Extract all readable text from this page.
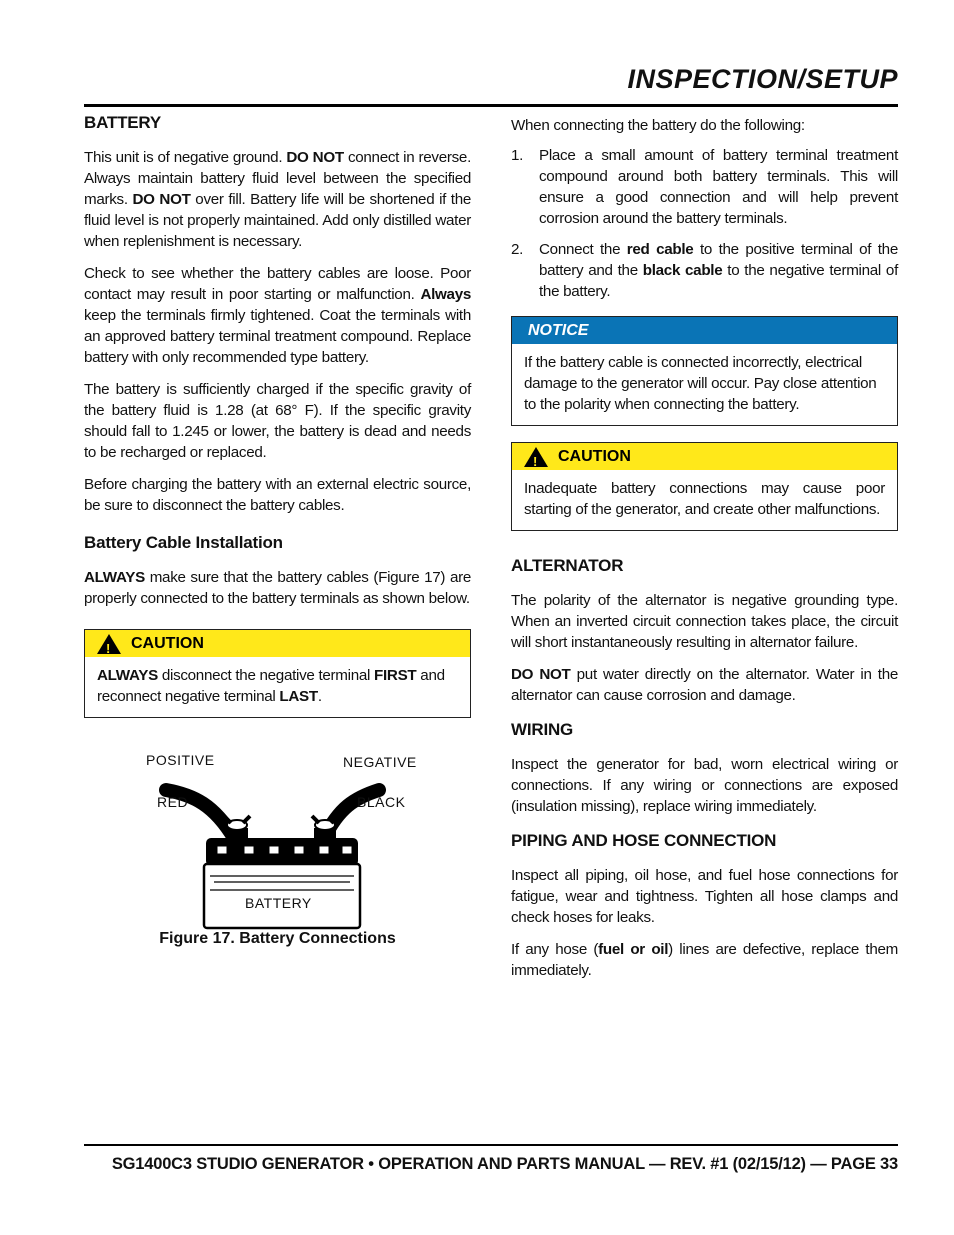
INSPECTION/SETUP
BATTERY

This unit is of negative ground. DO NOT connect in reverse. Always maintain battery fluid level between the specified marks. DO NOT over fill. Battery life will be shortened if the fluid level is not properly maintained. Add only distilled water when replenishment is necessary.

Check to see whether the battery cables are loose. Poor contact may result in poor starting or malfunction. Always keep the terminals firmly tightened. Coat the terminals with an approved battery terminal treatment compound. Replace battery with only recommended type battery.

The battery is sufficiently charged if the specific gravity of the battery fluid is 1.28 (at 68° F). If the specific gravity should fall to 1.245 or lower, the battery is dead and needs to be recharged or replaced.

Before charging the battery with an external electric source, be sure to disconnect the battery cables.

Battery Cable Installation

ALWAYS make sure that the battery cables (Figure 17) are properly connected to the battery terminals as shown below.

!
CAUTION
ALWAYS disconnect the negative terminal FIRST and reconnect negative terminal LAST.
POSITIVE	NEGATIVE
RED	BLACK
BATTERY
Figure 17. Battery Connections

When connecting the battery do the following:

1. Place a small amount of battery terminal treatment compound around both battery terminals. This will ensure a good connection and will help prevent corrosion around the battery terminals.
2. Connect the red cable to the positive terminal of the battery and the black cable to the negative terminal of the battery.
NOTICE
If the battery cable is connected incorrectly, electrical damage to the generator will occur. Pay close attention to the polarity when connecting the battery.
!
CAUTION
Inadequate battery connections may cause poor starting of the generator, and create other malfunctions.
ALTERNATOR

The polarity of the alternator is negative grounding type. When an inverted circuit connection takes place, the circuit will short instantaneously resulting in alternator failure.

DO NOT put water directly on the alternator. Water in the alternator can cause corrosion and damage.

WIRING

Inspect the generator for bad, worn electrical wiring or connections. If any wiring or connections are exposed (insulation missing), replace wiring immediately.

PIPING AND HOSE CONNECTION

Inspect all piping, oil hose, and fuel hose connections for fatigue, wear and tightness. Tighten all hose clamps and check hoses for leaks.

If any hose (fuel or oil) lines are defective, replace them immediately.

SG1400C3 STUDIO GENERATOR • OPERATION AND PARTS MANUAL — REV. #1 (02/15/12) — PAGE 33
